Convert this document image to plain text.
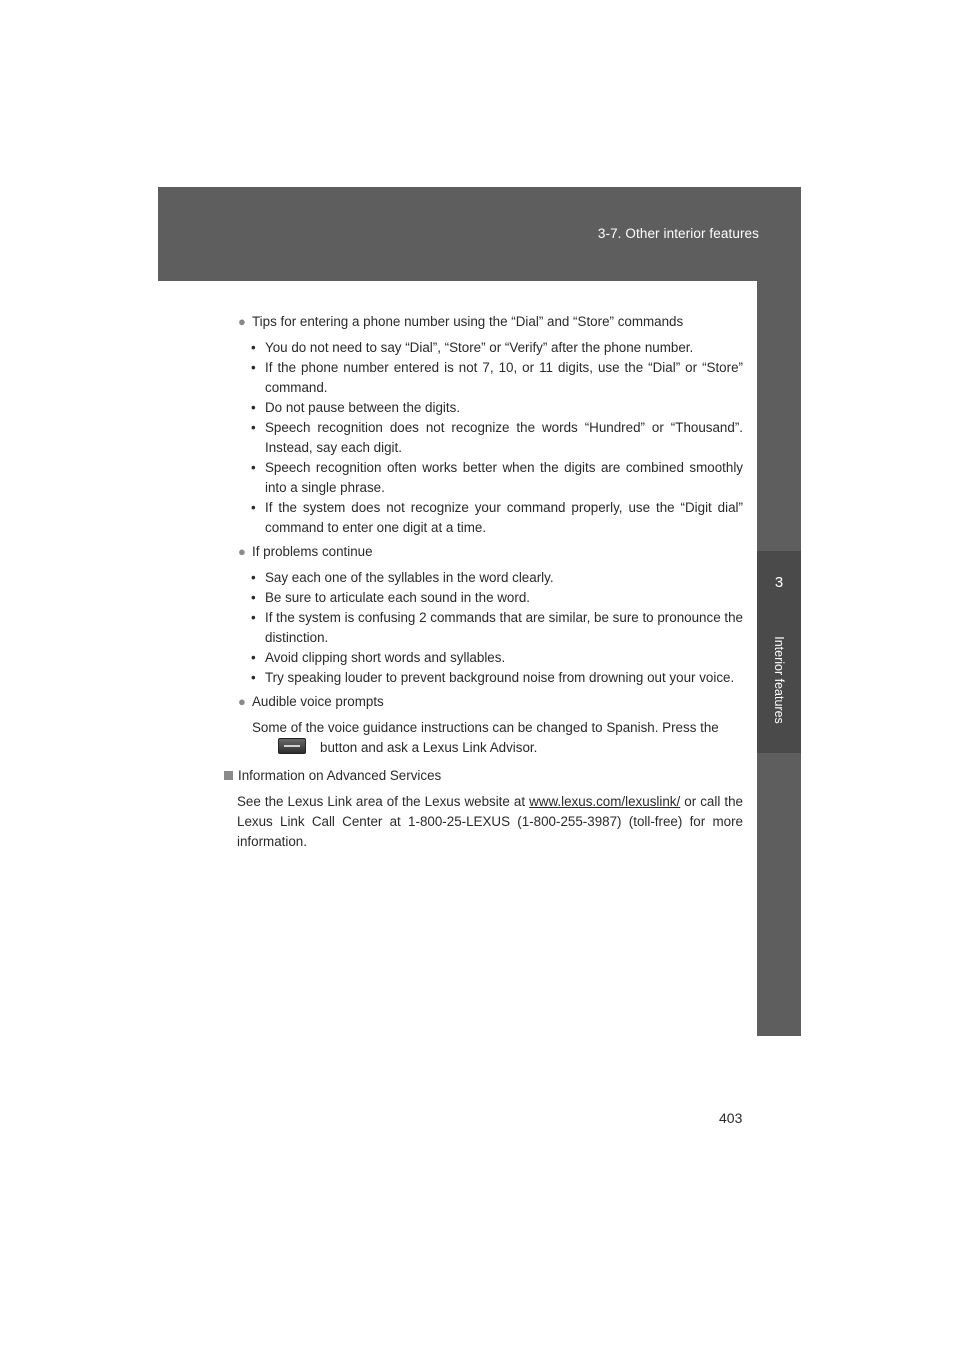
3-7. Other interior features
3
Interior features
● Tips for entering a phone number using the “Dial” and “Store” commands
• You do not need to say “Dial”, “Store” or “Verify” after the phone number.
• If the phone number entered is not 7, 10, or 11 digits, use the “Dial” or “Store” command.
• Do not pause between the digits.
• Speech recognition does not recognize the words “Hundred” or “Thousand”. Instead, say each digit.
• Speech recognition often works better when the digits are combined smoothly into a single phrase.
• If the system does not recognize your command properly, use the “Digit dial” command to enter one digit at a time.
● If problems continue
• Say each one of the syllables in the word clearly.
• Be sure to articulate each sound in the word.
• If the system is confusing 2 commands that are similar, be sure to pronounce the distinction.
• Avoid clipping short words and syllables.
• Try speaking louder to prevent background noise from drowning out your voice.
● Audible voice prompts
Some of the voice guidance instructions can be changed to Spanish. Press the
button and ask a Lexus Link Advisor.
Information on Advanced Services
See the Lexus Link area of the Lexus website at www.lexus.com/lexuslink/ or call the Lexus Link Call Center at 1-800-25-LEXUS (1-800-255-3987) (toll-free) for more information.
403
